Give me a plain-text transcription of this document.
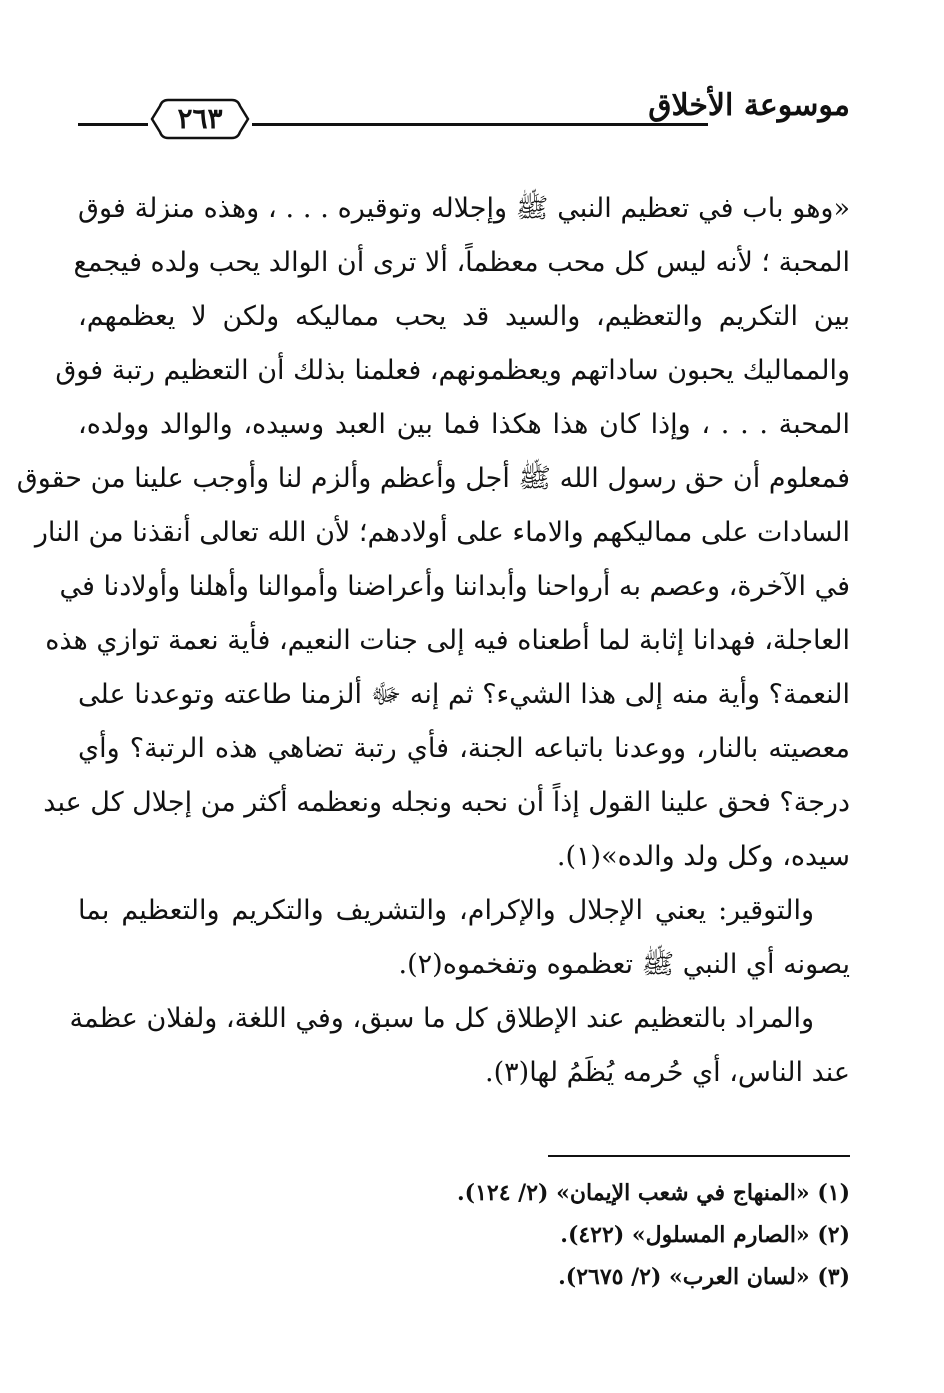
موسوعة الأخلاق
٢٦٣
«وهو باب في تعظيم النبي ﷺ وإجلاله وتوقيره . . . ، وهذه منزلة فوق
المحبة ؛ لأنه ليس كل محب معظماً، ألا ترى أن الوالد يحب ولده فيجمع
بين التكريم والتعظيم، والسيد قد يحب مماليكه ولكن لا يعظمهم،
والمماليك يحبون ساداتهم ويعظمونهم، فعلمنا بذلك أن التعظيم رتبة فوق
المحبة . . . ، وإذا كان هذا هكذا فما بين العبد وسيده، والوالد وولده،
فمعلوم أن حق رسول الله ﷺ أجل وأعظم وألزم لنا وأوجب علينا من حقوق
السادات على مماليكهم والاماء على أولادهم؛ لأن الله تعالى أنقذنا من النار
في الآخرة، وعصم به أرواحنا وأبداننا وأعراضنا وأموالنا وأهلنا وأولادنا في
العاجلة، فهدانا إثابة لما أطعناه فيه إلى جنات النعيم، فأية نعمة توازي هذه
النعمة؟ وأية منه إلى هذا الشيء؟ ثم إنه ﷻ ألزمنا طاعته وتوعدنا على
معصيته بالنار، ووعدنا باتباعه الجنة، فأي رتبة تضاهي هذه الرتبة؟ وأي
درجة؟ فحق علينا القول إذاً أن نحبه ونجله ونعظمه أكثر من إجلال كل عبد
سيده، وكل ولد والده»(١).
والتوقير: يعني الإجلال والإكرام، والتشريف والتكريم والتعظيم بما
يصونه أي النبي ﷺ تعظموه وتفخموه(٢).
والمراد بالتعظيم عند الإطلاق كل ما سبق، وفي اللغة، ولفلان عظمة
عند الناس، أي حُرمه يُظَمُ لها(٣).
(١) «المنهاج في شعب الإيمان» (٢/ ١٢٤).
(٢) «الصارم المسلول» (٤٢٢).
(٣) «لسان العرب» (٢/ ٢٦٧٥).
